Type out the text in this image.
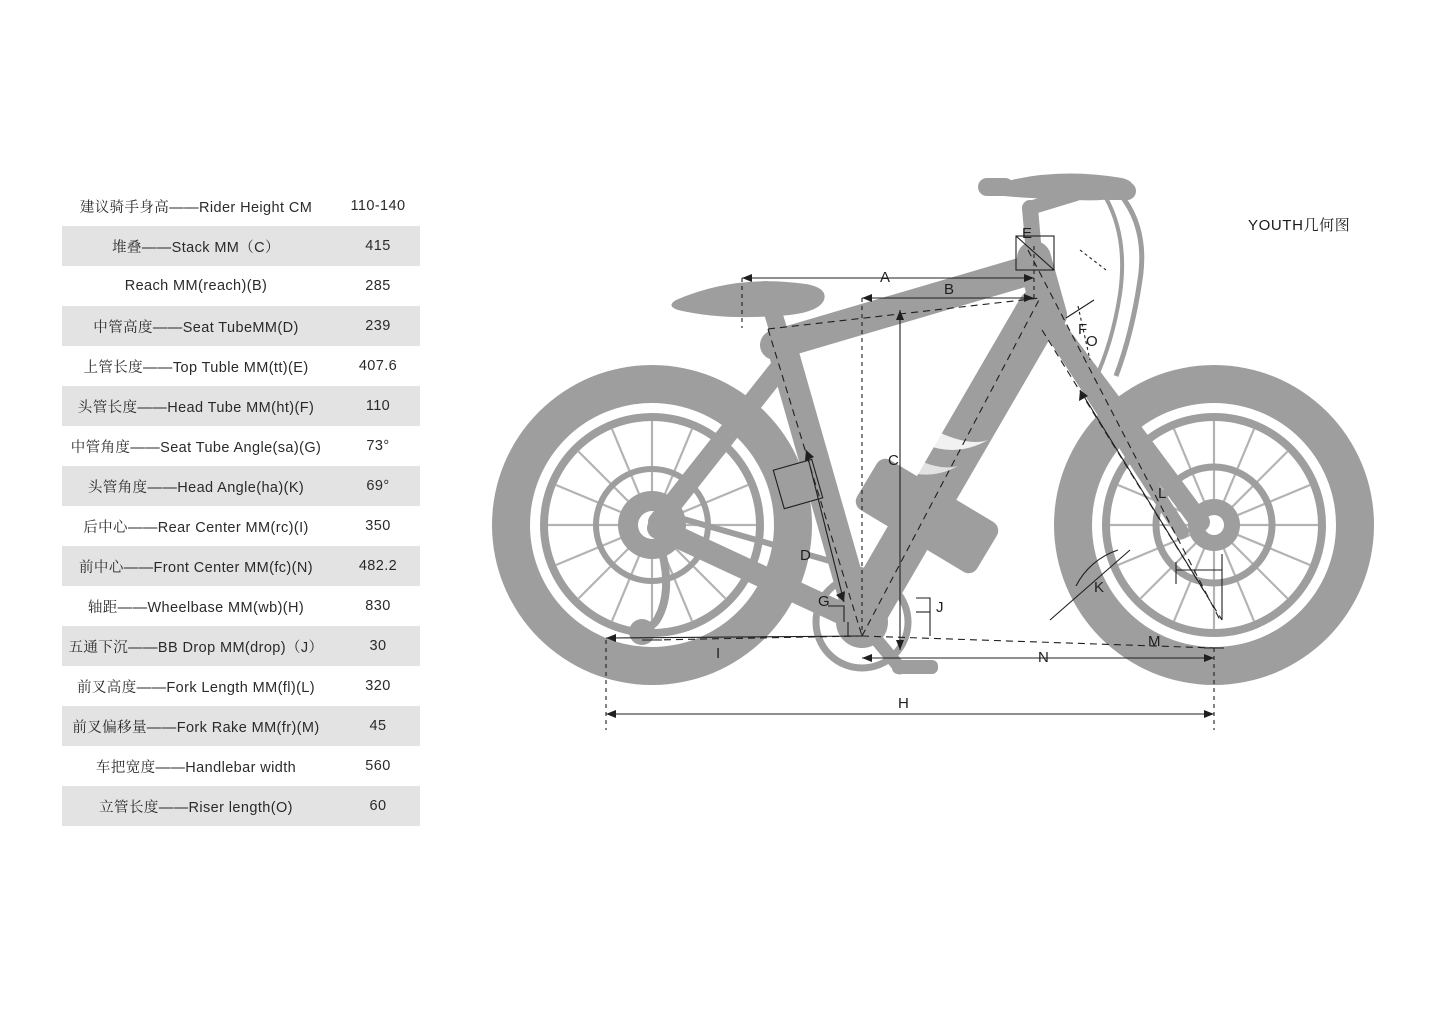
建议骑手身高——Rider Height CM	110-140
堆叠——Stack MM（C）	415
Reach MM(reach)(B)	285
中管高度——Seat TubeMM(D)	239
上管长度——Top Tuble MM(tt)(E)	407.6
头管长度——Head Tube MM(ht)(F)	110
中管角度——Seat Tube Angle(sa)(G)	73°
头管角度——Head Angle(ha)(K)	69°
后中心——Rear Center MM(rc)(I)	350
前中心——Front Center MM(fc)(N)	482.2
轴距——Wheelbase MM(wb)(H)	830
五通下沉——BB Drop MM(drop)（J）	30
前叉高度——Fork Length MM(fl)(L)	320
前叉偏移量——Fork Rake MM(fr)(M)	45
车把宽度——Handlebar width	560
立管长度——Riser length(O)	60
YOUTH几何图
A
B
C
D
E
F
G
H
I
J
K
L
M
N
O
